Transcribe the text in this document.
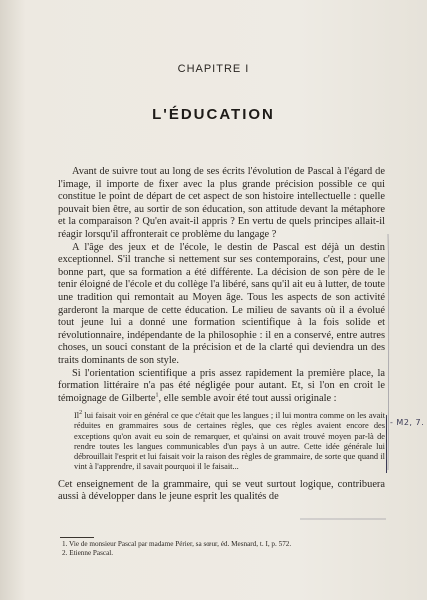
CHAPITRE I
L'ÉDUCATION

Avant de suivre tout au long de ses écrits l'évolution de Pascal à l'égard de l'image, il importe de fixer avec la plus grande précision possible ce qui constitue le point de départ de cet aspect de son histoire intellectuelle : quelle pouvait bien être, au sortir de son éducation, son attitude devant la métaphore et la comparaison ? Qu'en avait-il appris ? En vertu de quels principes allait-il réagir lorsqu'il affronterait ce problème du langage ?

A l'âge des jeux et de l'école, le destin de Pascal est déjà un destin exceptionnel. S'il tranche si nettement sur ses contemporains, c'est, pour une bonne part, que sa formation a été différente. La décision de son père de le tenir éloigné de l'école et du collège l'a libéré, sans qu'il ait eu à lutter, de toute une tradition qui remontait au Moyen âge. Tous les aspects de son activité garderont la marque de cette éducation. Le milieu de savants où il a évolué tout jeune lui a donné une formation scientifique à la fois solide et révolutionnaire, indépendante de la philosophie : il en a conservé, entre autres choses, un souci constant de la précision et de la clarté qui deviendra un des traits dominants de son style.

Si l'orientation scientifique a pris assez rapidement la première place, la formation littéraire n'a pas été négligée pour autant. Et, si l'on en croit le témoignage de Gilberte$^1$, elle semble avoir été tout aussi originale :

Il$^2$ lui faisait voir en général ce que c'était que les langues ; il lui montra comme on les avait réduites en grammaires sous de certaines règles, que ces règles avaient encore des exceptions qu'on avait eu soin de remarquer, et qu'ainsi on avait trouvé moyen par-là de rendre toutes les langues communicables d'un pays à un autre. Cette idée générale lui débrouillait l'esprit et lui faisait voir la raison des règles de grammaire, de sorte que quand il vint à l'apprendre, il savait pourquoi il le faisait...

Cet enseignement de la grammaire, qui se veut surtout logique, contribuera aussi à développer dans le jeune esprit les qualités de

1. Vie de monsieur Pascal par madame Périer, sa sœur, éd. Mesnard, t. I, p. 572.
2. Etienne Pascal.
- M2, 7.
